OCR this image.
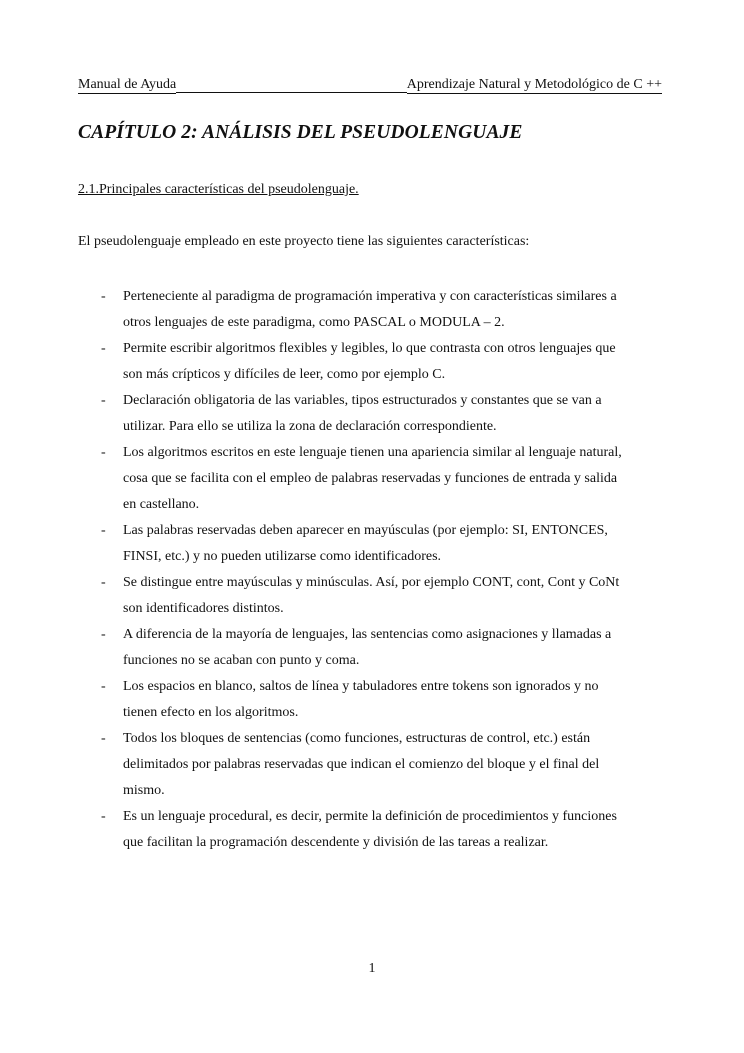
Manual de Ayuda	Aprendizaje Natural y Metodológico de C ++
CAPÍTULO 2: ANÁLISIS DEL PSEUDOLENGUAJE
2.1.Principales características del pseudolenguaje.

El pseudolenguaje empleado en este proyecto tiene las siguientes características:

- Perteneciente al paradigma de programación imperativa y con características similares a
otros lenguajes de este paradigma, como PASCAL o MODULA – 2.
- Permite escribir algoritmos flexibles y legibles, lo que contrasta con otros lenguajes que
son más crípticos y difíciles de leer, como por ejemplo C.
- Declaración obligatoria de las variables, tipos estructurados y constantes que se van a
utilizar. Para ello se utiliza la zona de declaración correspondiente.
- Los algoritmos escritos en este lenguaje tienen una apariencia similar al lenguaje natural,
cosa que se facilita con el empleo de palabras reservadas y funciones de entrada y salida
en castellano.
- Las palabras reservadas deben aparecer en mayúsculas (por ejemplo: SI, ENTONCES,
FINSI, etc.) y no pueden utilizarse como identificadores.
- Se distingue entre mayúsculas y minúsculas. Así, por ejemplo CONT, cont, Cont y CoNt
son identificadores distintos.
- A diferencia de la mayoría de lenguajes, las sentencias como asignaciones y llamadas a
funciones no se acaban con punto y coma.
- Los espacios en blanco, saltos de línea y tabuladores entre tokens son ignorados y no
tienen efecto en los algoritmos.
- Todos los bloques de sentencias (como funciones, estructuras de control, etc.) están
delimitados por palabras reservadas que indican el comienzo del bloque y el final del
mismo.
- Es un lenguaje procedural, es decir, permite la definición de procedimientos y funciones
que facilitan la programación descendente y división de las tareas a realizar.
1
